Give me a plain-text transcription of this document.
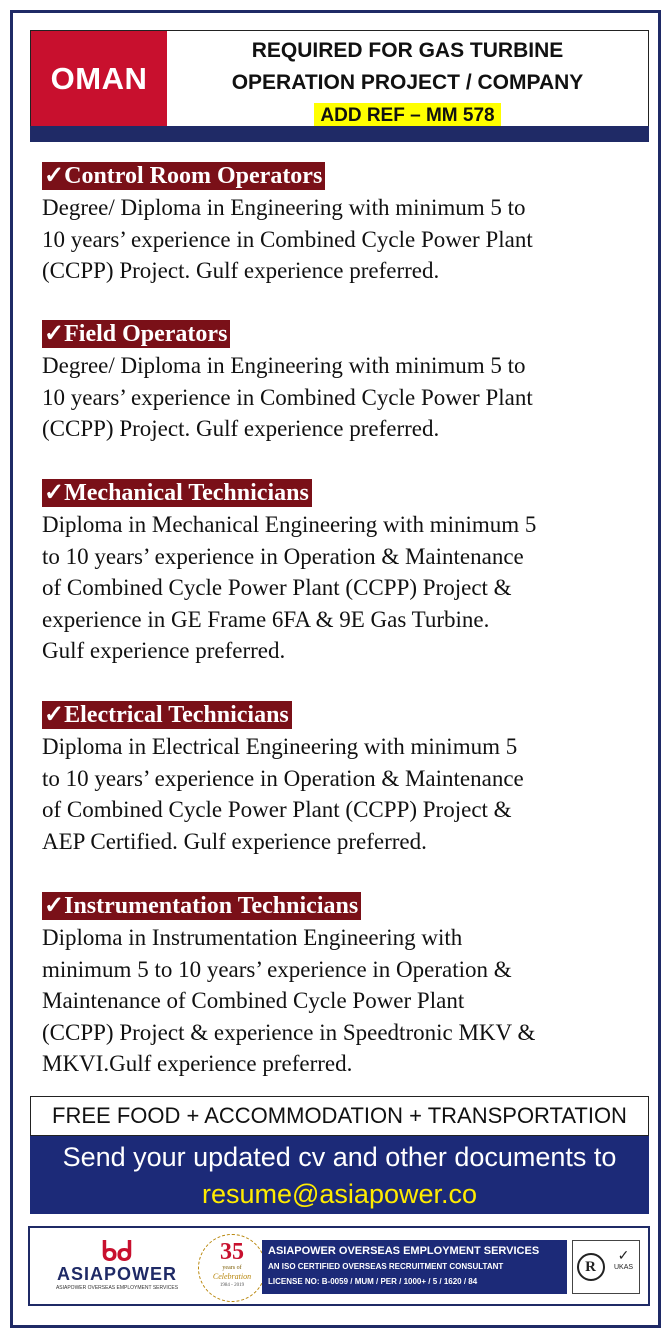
OMAN
REQUIRED FOR GAS TURBINE
OPERATION PROJECT / COMPANY
ADD REF – MM 578
✓Control Room Operators
Degree/ Diploma in Engineering with minimum 5 to
10 years’ experience in Combined Cycle Power Plant
(CCPP) Project. Gulf experience preferred.
✓Field Operators
Degree/ Diploma in Engineering with minimum 5 to
10 years’ experience in Combined Cycle Power Plant
(CCPP) Project. Gulf experience preferred.
✓Mechanical Technicians
Diploma in Mechanical Engineering with minimum 5
to 10 years’ experience in Operation & Maintenance
of Combined Cycle Power Plant (CCPP) Project &
experience in GE Frame 6FA & 9E Gas Turbine.
Gulf experience preferred.
✓Electrical Technicians
Diploma in Electrical Engineering with minimum 5
to 10 years’ experience in Operation & Maintenance
of Combined Cycle Power Plant (CCPP) Project &
AEP Certified. Gulf experience preferred.
✓Instrumentation Technicians
Diploma in Instrumentation Engineering with
minimum 5 to 10 years’ experience in Operation &
Maintenance of Combined Cycle Power Plant
(CCPP) Project & experience in Speedtronic MKV &
MKVI.Gulf experience preferred.
FREE FOOD + ACCOMMODATION + TRANSPORTATION
Send your updated cv and other documents to
resume@asiapower.co
ᑲᑯ
ASIAPOWER
ASIAPOWER OVERSEAS EMPLOYMENT SERVICES
35
years of
Celebration
1984 - 2019
ASIAPOWER OVERSEAS EMPLOYMENT SERVICES
AN ISO CERTIFIED OVERSEAS RECRUITMENT CONSULTANT
LICENSE NO: B-0059 / MUM / PER / 1000+ / 5 / 1620 / 84
R
✓
UKAS
